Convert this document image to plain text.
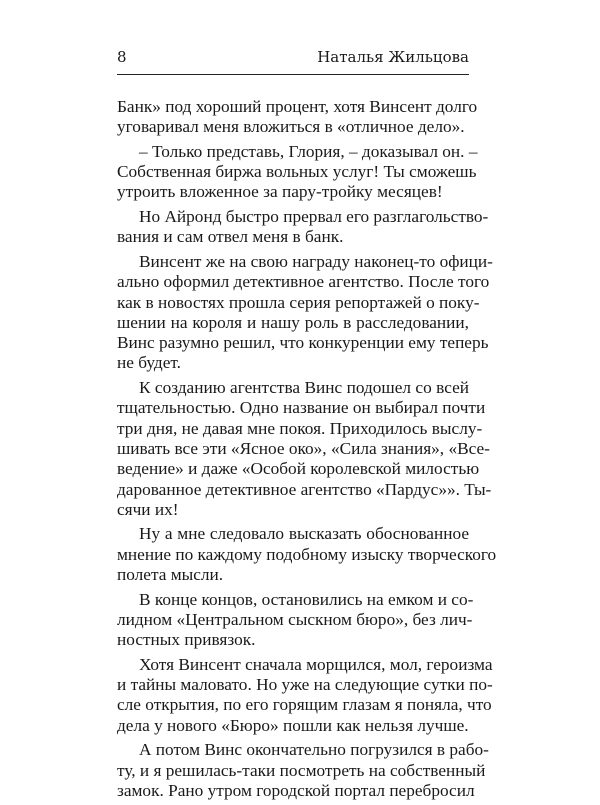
8	Наталья Жильцова
Банк» под хороший процент, хотя Винсент долго
уговаривал меня вложиться в «отличное дело».
– Только представь, Глория, – доказывал он. –
Собственная биржа вольных услуг! Ты сможешь
утроить вложенное за пару-тройку месяцев!
Но Айронд быстро прервал его разглагольство-
вания и сам отвел меня в банк.
Винсент же на свою награду наконец-то офици-
ально оформил детективное агентство. После того
как в новостях прошла серия репортажей о поку-
шении на короля и нашу роль в расследовании,
Винс разумно решил, что конкуренции ему теперь
не будет.
К созданию агентства Винс подошел со всей
тщательностью. Одно название он выбирал почти
три дня, не давая мне покоя. Приходилось выслу-
шивать все эти «Ясное око», «Сила знания», «Все-
ведение» и даже «Особой королевской милостью
дарованное детективное агентство «Пардус»». Ты-
сячи их!
Ну а мне следовало высказать обоснованное
мнение по каждому подобному изыску творческого
полета мысли.
В конце концов, остановились на емком и со-
лидном «Центральном сыскном бюро», без лич-
ностных привязок.
Хотя Винсент сначала морщился, мол, героизма
и тайны маловато. Но уже на следующие сутки по-
сле открытия, по его горящим глазам я поняла, что
дела у нового «Бюро» пошли как нельзя лучше.
А потом Винс окончательно погрузился в рабо-
ту, и я решилась-таки посмотреть на собственный
замок. Рано утром городской портал перебросил
